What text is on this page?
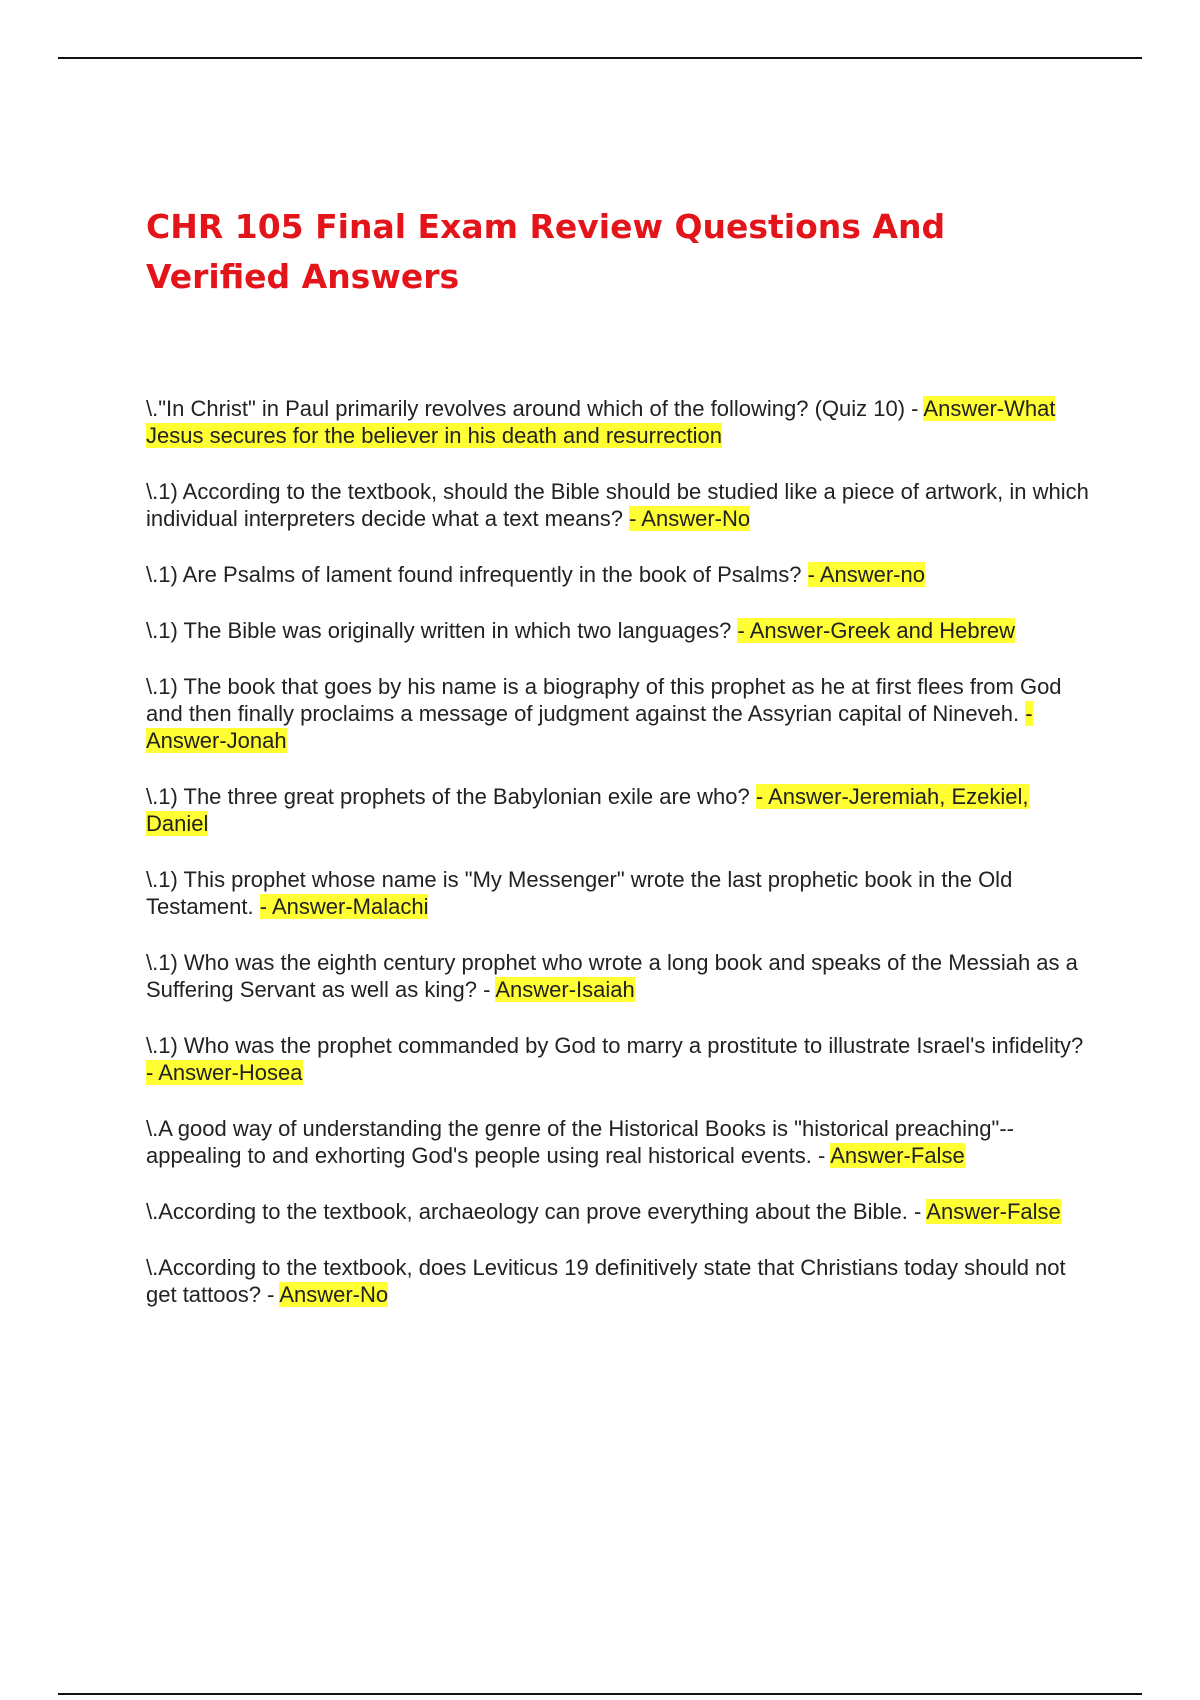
CHR 105 Final Exam Review Questions And Verified Answers

\."In Christ" in Paul primarily revolves around which of the following? (Quiz 10) - Answer-What Jesus secures for the believer in his death and resurrection

\.1) According to the textbook, should the Bible should be studied like a piece of artwork, in which individual interpreters decide what a text means? - Answer-No

\.1) Are Psalms of lament found infrequently in the book of Psalms? - Answer-no

\.1) The Bible was originally written in which two languages? - Answer-Greek and Hebrew

\.1) The book that goes by his name is a biography of this prophet as he at first flees from God and then finally proclaims a message of judgment against the Assyrian capital of Nineveh. - Answer-Jonah

\.1) The three great prophets of the Babylonian exile are who? - Answer-Jeremiah, Ezekiel, Daniel

\.1) This prophet whose name is "My Messenger" wrote the last prophetic book in the Old Testament. - Answer-Malachi

\.1) Who was the eighth century prophet who wrote a long book and speaks of the Messiah as a Suffering Servant as well as king? - Answer-Isaiah

\.1) Who was the prophet commanded by God to marry a prostitute to illustrate Israel's infidelity? - Answer-Hosea

\.A good way of understanding the genre of the Historical Books is "historical preaching"--appealing to and exhorting God's people using real historical events. - Answer-False

\.According to the textbook, archaeology can prove everything about the Bible. - Answer-False

\.According to the textbook, does Leviticus 19 definitively state that Christians today should not get tattoos? - Answer-No
